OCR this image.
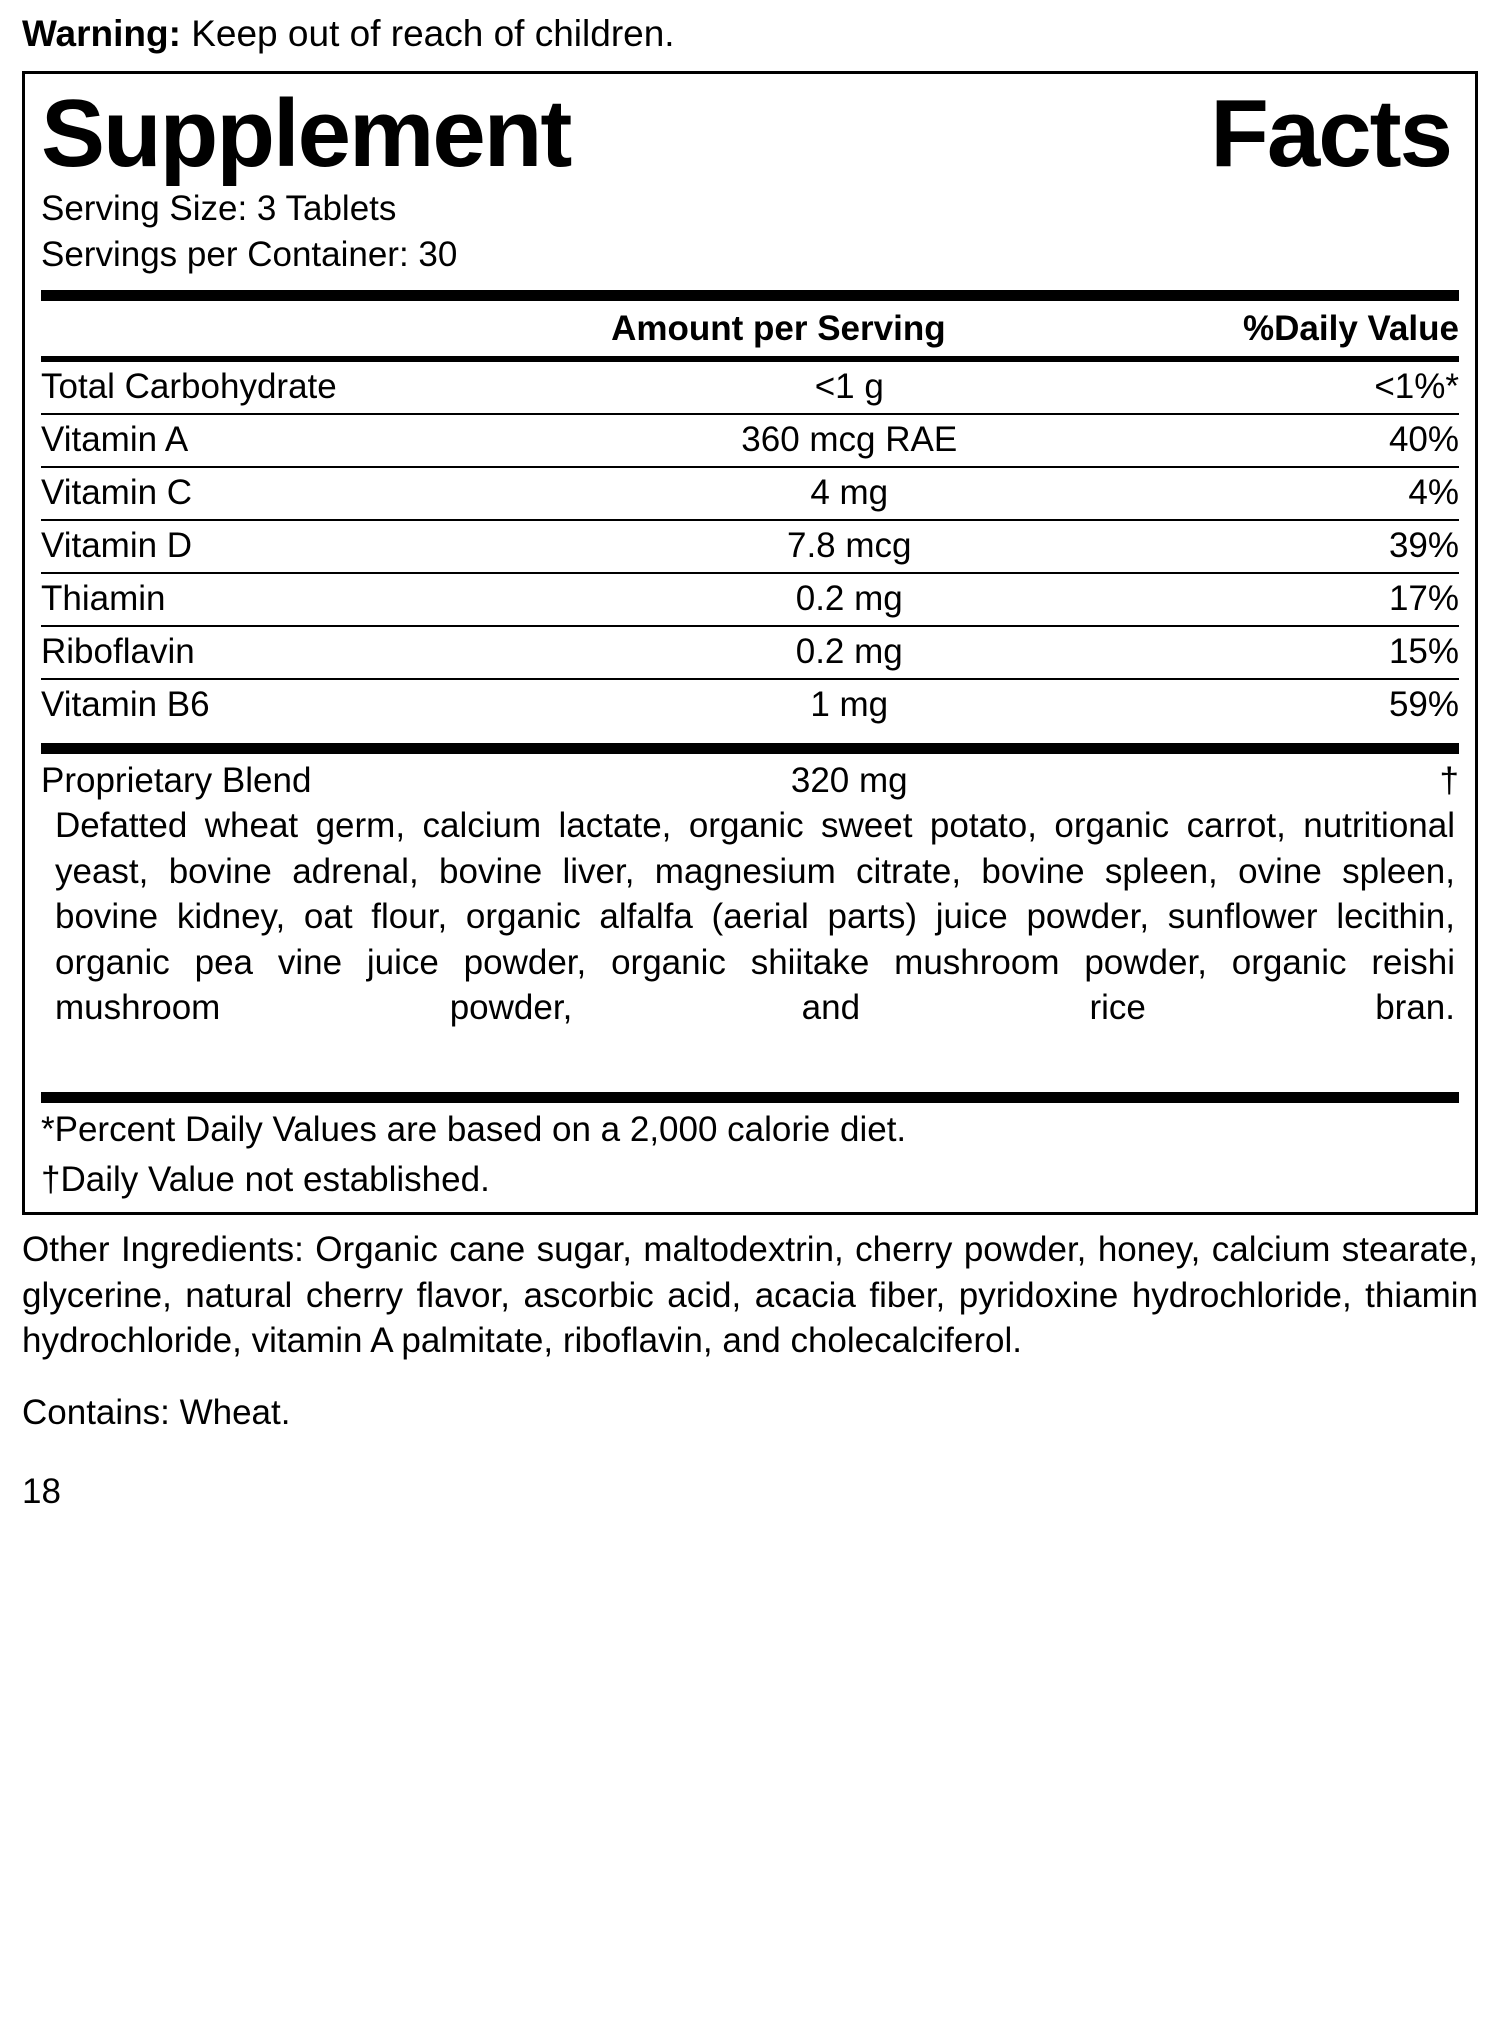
Warning: Keep out of reach of children.
Supplement	Facts
Serving Size: 3 Tablets
Servings per Container: 30
Amount per Serving	%Daily Value
Total Carbohydrate	<1 g	<1%*
Vitamin A	360 mcg RAE	40%
Vitamin C	4 mg	4%
Vitamin D	7.8 mcg	39%
Thiamin	0.2 mg	17%
Riboflavin	0.2 mg	15%
Vitamin B6	1 mg	59%
Proprietary Blend	320 mg	†
Defatted wheat germ, calcium lactate, organic sweet potato, organic carrot, nutritional yeast, bovine adrenal, bovine liver, magnesium citrate, bovine spleen, ovine spleen, bovine kidney, oat flour, organic alfalfa (aerial parts) juice powder, sunflower lecithin, organic pea vine juice powder, organic shiitake mushroom powder, organic reishi mushroom powder, and rice bran.
*Percent Daily Values are based on a 2,000 calorie diet.
†Daily Value not established.
Other Ingredients: Organic cane sugar, maltodextrin, cherry powder, honey, calcium stearate, glycerine, natural cherry flavor, ascorbic acid, acacia fiber, pyridoxine hydrochloride, thiamin hydrochloride, vitamin A palmitate, riboflavin, and cholecalciferol.
Contains: Wheat.
18
